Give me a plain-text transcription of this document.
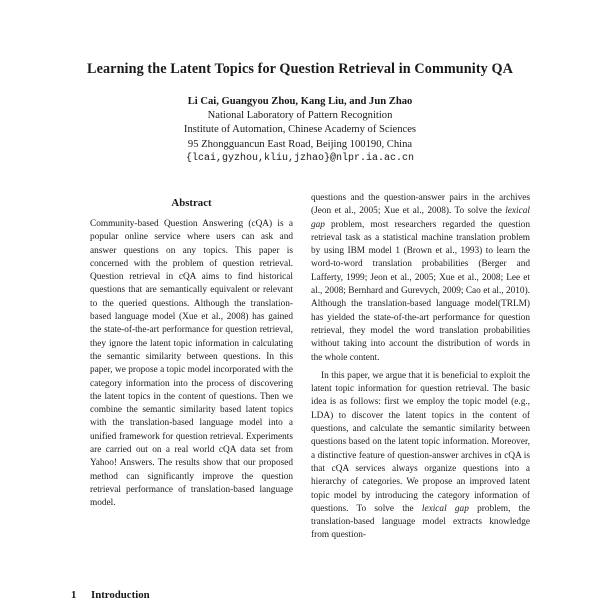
Learning the Latent Topics for Question Retrieval in Community QA
Li Cai, Guangyou Zhou, Kang Liu, and Jun Zhao
National Laboratory of Pattern Recognition
Institute of Automation, Chinese Academy of Sciences
95 Zhongguancun East Road, Beijing 100190, China
{lcai,gyzhou,kliu,jzhao}@nlpr.ia.ac.cn
Abstract
Community-based Question Answering (cQA) is a popular online service where users can ask and answer questions on any topics. This paper is concerned with the problem of question retrieval. Question retrieval in cQA aims to find historical questions that are semantically equivalent or relevant to the queried questions. Although the translation-based language model (Xue et al., 2008) has gained the state-of-the-art performance for question retrieval, they ignore the latent topic information in calculating the semantic similarity between questions. In this paper, we propose a topic model incorporated with the category information into the process of discovering the latent topics in the content of questions. Then we combine the semantic similarity based latent topics with the translation-based language model into a unified framework for question retrieval. Experiments are carried out on a real world cQA data set from Yahoo! Answers. The results show that our proposed method can significantly improve the question retrieval performance of translation-based language model.
1 Introduction

questions and the question-answer pairs in the archives (Jeon et al., 2005; Xue et al., 2008). To solve the lexical gap problem, most researchers regarded the question retrieval task as a statistical machine translation problem by using IBM model 1 (Brown et al., 1993) to learn the word-to-word translation probabilities (Berger and Lafferty, 1999; Jeon et al., 2005; Xue et al., 2008; Lee et al., 2008; Bernhard and Gurevych, 2009; Cao et al., 2010). Although the translation-based language model(TRLM) has yielded the state-of-the-art performance for question retrieval, they model the word translation probabilities without taking into account the distribution of words in the whole content.

In this paper, we argue that it is beneficial to exploit the latent topic information for question retrieval. The basic idea is as follows: first we employ the topic model (e.g., LDA) to discover the latent topics in the content of questions, and calculate the semantic similarity between questions based on the latent topic information. Moreover, a distinctive feature of question-answer archives in cQA is that cQA services always organize questions into a hierarchy of categories. We propose an improved latent topic model by introducing the category information of questions. To solve the lexical gap problem, the translation-based language model extracts knowledge from question-
